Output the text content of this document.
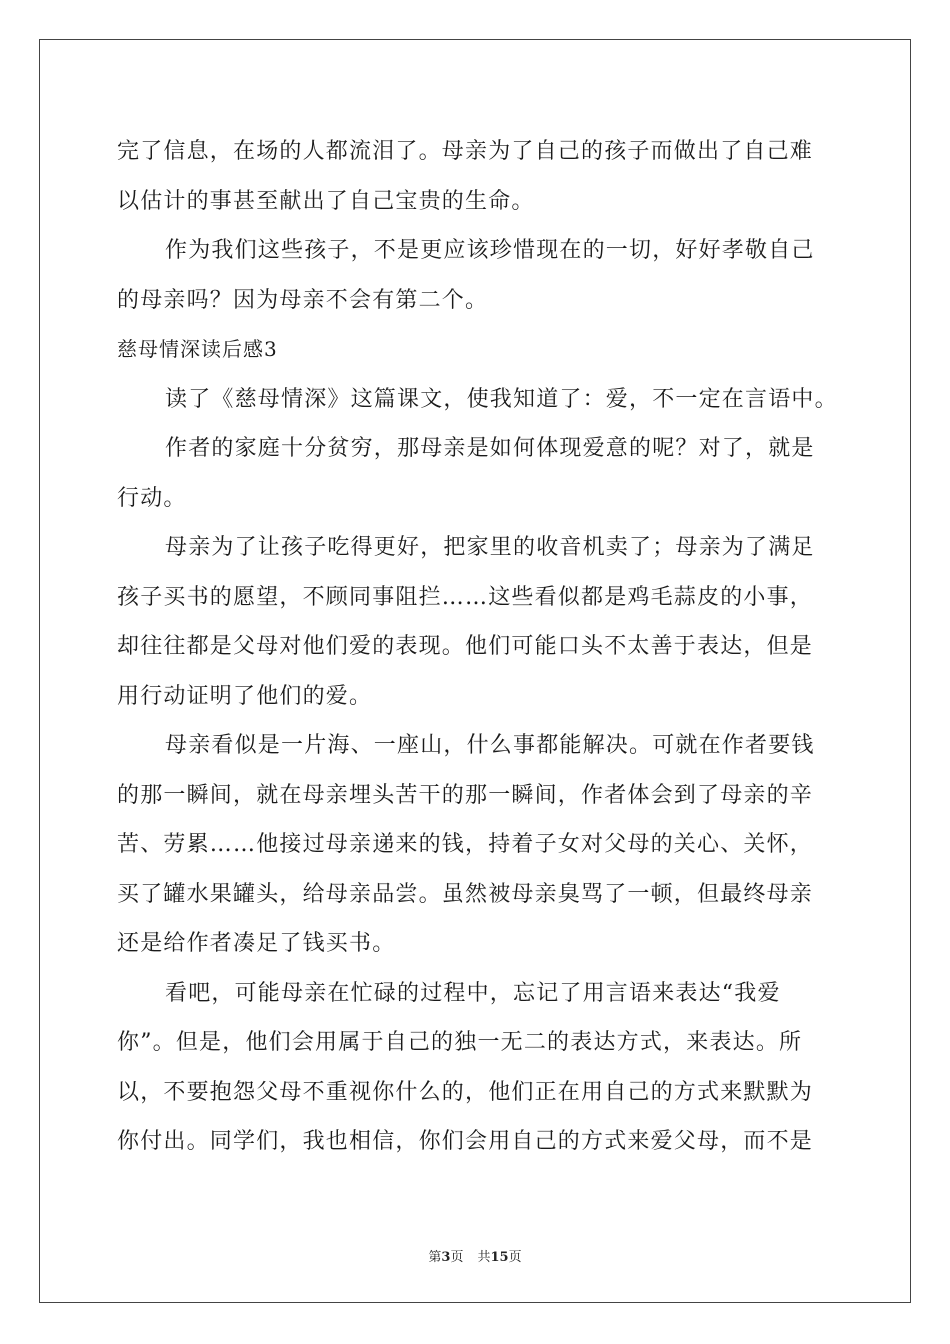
完了信息，在场的人都流泪了。母亲为了自己的孩子而做出了自己难
以估计的事甚至献出了自己宝贵的生命。
作为我们这些孩子，不是更应该珍惜现在的一切，好好孝敬自己
的母亲吗？因为母亲不会有第二个。
慈母情深读后感3
读了《慈母情深》这篇课文，使我知道了：爱，不一定在言语中。
作者的家庭十分贫穷，那母亲是如何体现爱意的呢？对了，就是
行动。
母亲为了让孩子吃得更好，把家里的收音机卖了；母亲为了满足
孩子买书的愿望，不顾同事阻拦……这些看似都是鸡毛蒜皮的小事，
却往往都是父母对他们爱的表现。他们可能口头不太善于表达，但是
用行动证明了他们的爱。
母亲看似是一片海、一座山，什么事都能解决。可就在作者要钱
的那一瞬间，就在母亲埋头苦干的那一瞬间，作者体会到了母亲的辛
苦、劳累……他接过母亲递来的钱，持着子女对父母的关心、关怀，
买了罐水果罐头，给母亲品尝。虽然被母亲臭骂了一顿，但最终母亲
还是给作者凑足了钱买书。
看吧，可能母亲在忙碌的过程中，忘记了用言语来表达“我爱
你”。但是，他们会用属于自己的独一无二的表达方式，来表达。所
以，不要抱怨父母不重视你什么的，他们正在用自己的方式来默默为
你付出。同学们，我也相信，你们会用自己的方式来爱父母，而不是
第3页 共15页
